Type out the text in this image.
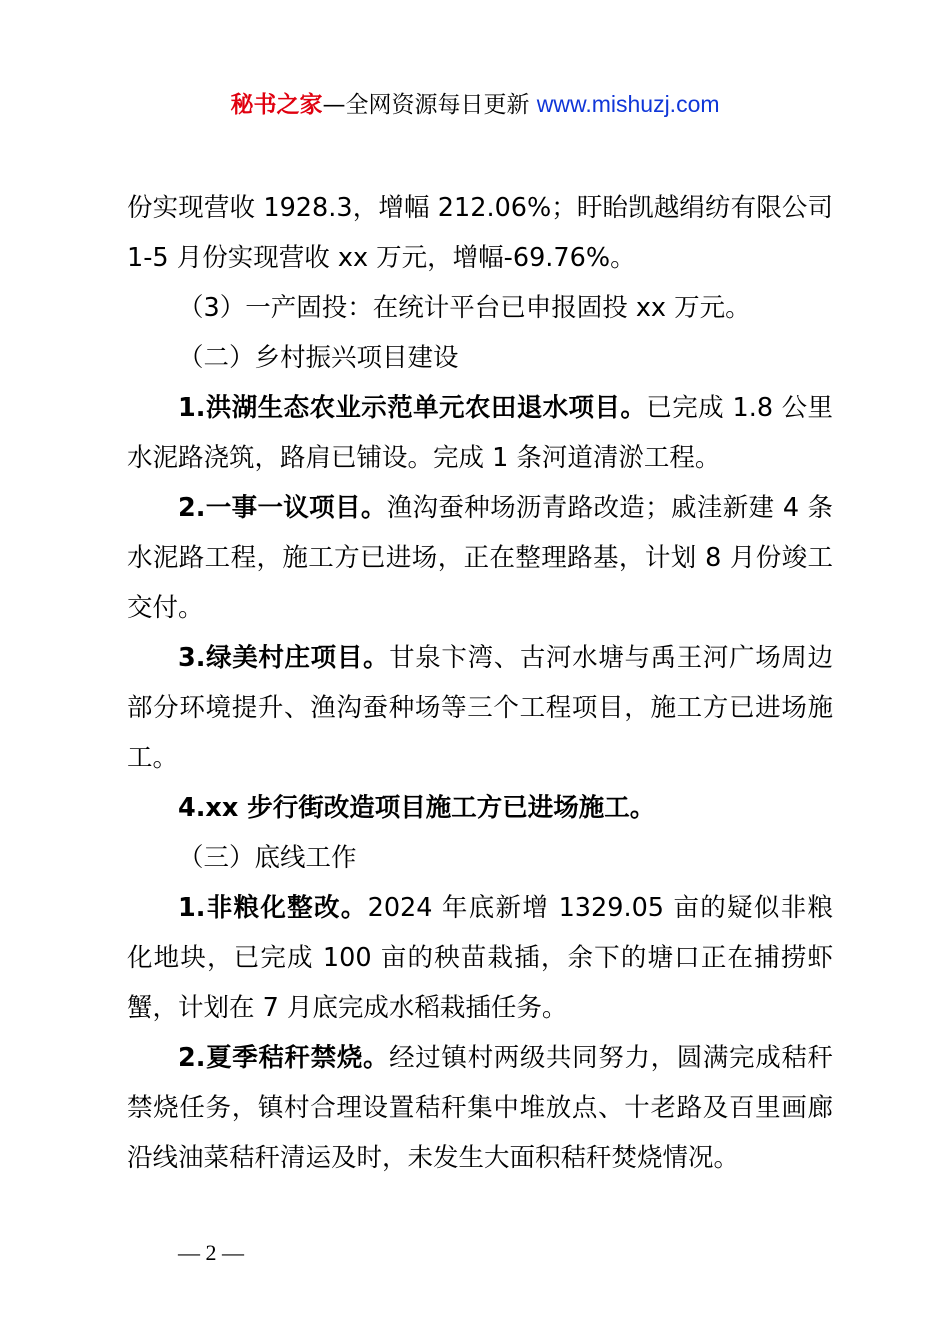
秘书之家—全网资源每日更新 www.mishuzj.com

份实现营收 1928.3，增幅 212.06%；盱眙凯越绢纺有限公司 1-5 月份实现营收 xx 万元，增幅-69.76%。

（3）一产固投：在统计平台已申报固投 xx 万元。

（二）乡村振兴项目建设

1.洪湖生态农业示范单元农田退水项目。已完成 1.8 公里水泥路浇筑，路肩已铺设。完成 1 条河道清淤工程。

2.一事一议项目。渔沟蚕种场沥青路改造；戚洼新建 4 条水泥路工程，施工方已进场，正在整理路基，计划 8 月份竣工交付。

3.绿美村庄项目。甘泉卞湾、古河水塘与禹王河广场周边部分环境提升、渔沟蚕种场等三个工程项目，施工方已进场施工。

4.xx 步行街改造项目施工方已进场施工。

（三）底线工作

1.非粮化整改。2024 年底新增 1329.05 亩的疑似非粮化地块，已完成 100 亩的秧苗栽插，余下的塘口正在捕捞虾蟹，计划在 7 月底完成水稻栽插任务。

2.夏季秸秆禁烧。经过镇村两级共同努力，圆满完成秸秆禁烧任务，镇村合理设置秸秆集中堆放点、十老路及百里画廊沿线油菜秸秆清运及时，未发生大面积秸秆焚烧情况。

— 2 —
